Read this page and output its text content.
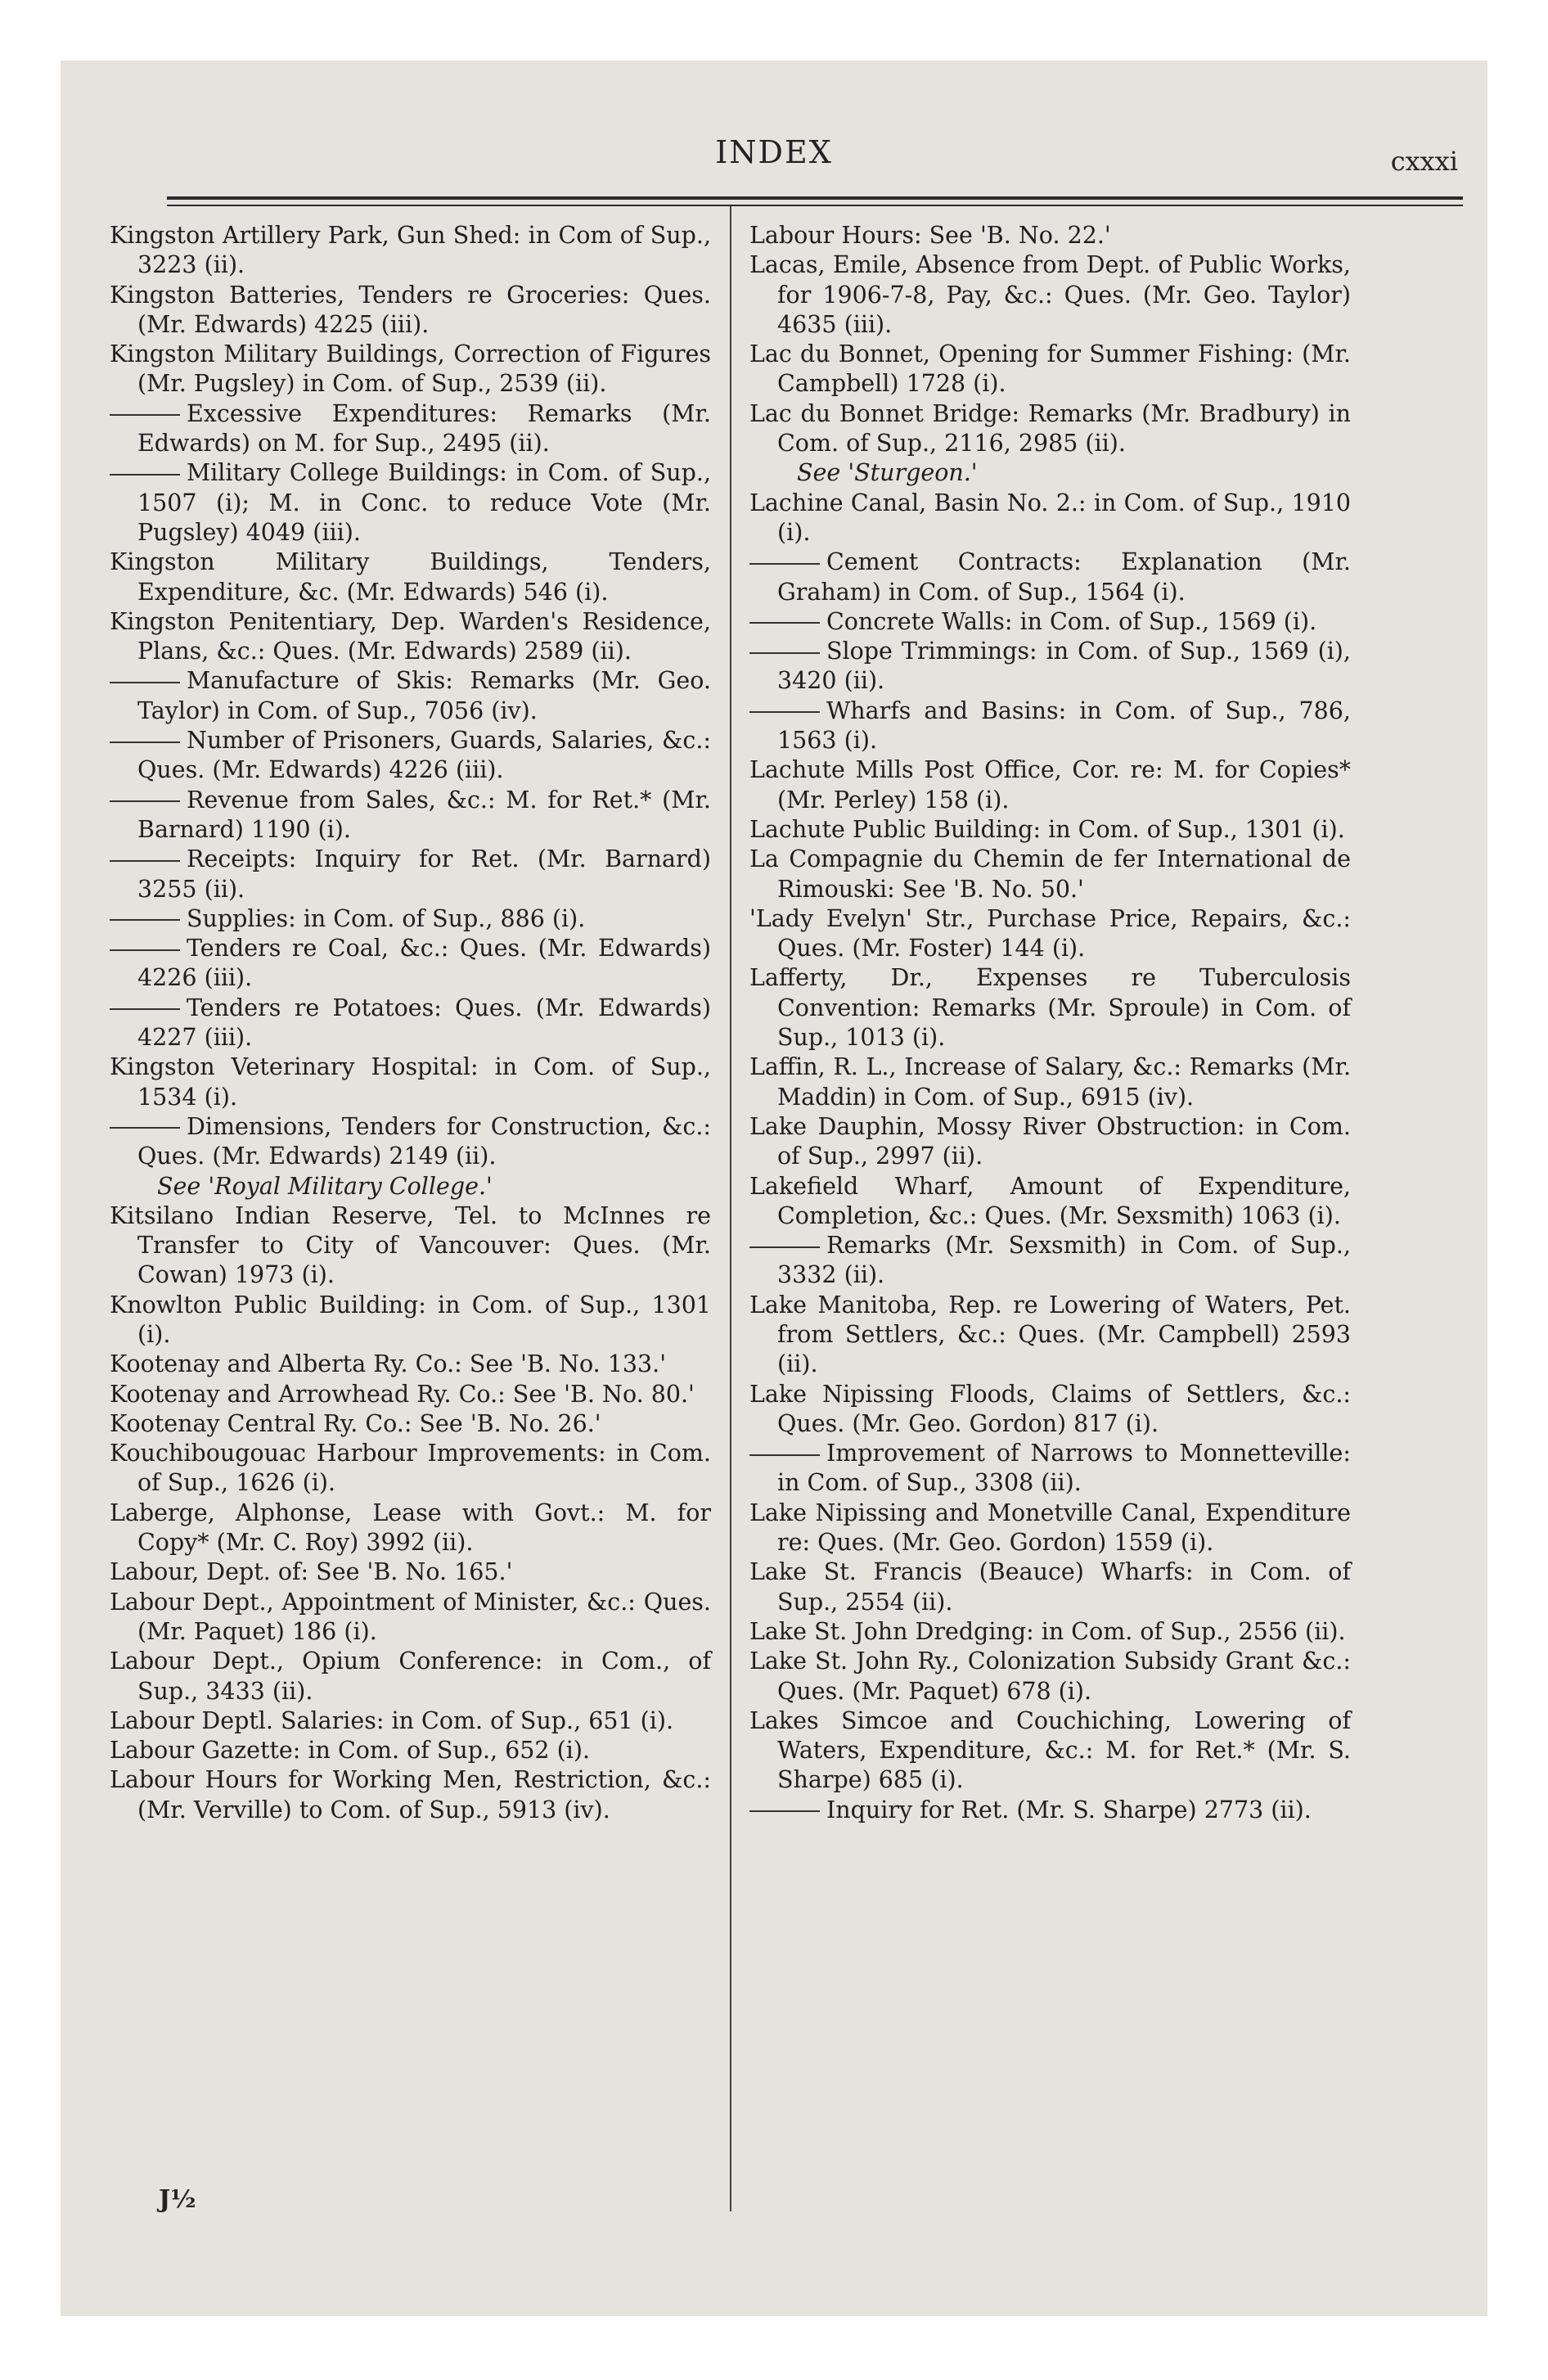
INDEX	cxxxi
Kingston Artillery Park, Gun Shed: in Com of Sup., 3223 (ii).
Kingston Batteries, Tenders re Groceries: Ques. (Mr. Edwards) 4225 (iii).
Kingston Military Buildings, Correction of Figures (Mr. Pugsley) in Com. of Sup., 2539 (ii).
Excessive Expenditures: Remarks (Mr. Edwards) on M. for Sup., 2495 (ii).
Military College Buildings: in Com. of Sup., 1507 (i); M. in Conc. to reduce Vote (Mr. Pugsley) 4049 (iii).
Kingston Military Buildings, Tenders, Expenditure, &c. (Mr. Edwards) 546 (i).
Kingston Penitentiary, Dep. Warden's Residence, Plans, &c.: Ques. (Mr. Edwards) 2589 (ii).
Manufacture of Skis: Remarks (Mr. Geo. Taylor) in Com. of Sup., 7056 (iv).
Number of Prisoners, Guards, Salaries, &c.: Ques. (Mr. Edwards) 4226 (iii).
Revenue from Sales, &c.: M. for Ret.* (Mr. Barnard) 1190 (i).
Receipts: Inquiry for Ret. (Mr. Barnard) 3255 (ii).
Supplies: in Com. of Sup., 886 (i).
Tenders re Coal, &c.: Ques. (Mr. Edwards) 4226 (iii).
Tenders re Potatoes: Ques. (Mr. Edwards) 4227 (iii).
Kingston Veterinary Hospital: in Com. of Sup., 1534 (i).
Dimensions, Tenders for Construction, &c.: Ques. (Mr. Edwards) 2149 (ii).
See 'Royal Military College.'
Kitsilano Indian Reserve, Tel. to McInnes re Transfer to City of Vancouver: Ques. (Mr. Cowan) 1973 (i).
Knowlton Public Building: in Com. of Sup., 1301 (i).
Kootenay and Alberta Ry. Co.: See 'B. No. 133.'
Kootenay and Arrowhead Ry. Co.: See 'B. No. 80.'
Kootenay Central Ry. Co.: See 'B. No. 26.'
Kouchibougouac Harbour Improvements: in Com. of Sup., 1626 (i).
Laberge, Alphonse, Lease with Govt.: M. for Copy* (Mr. C. Roy) 3992 (ii).
Labour, Dept. of: See 'B. No. 165.'
Labour Dept., Appointment of Minister, &c.: Ques. (Mr. Paquet) 186 (i).
Labour Dept., Opium Conference: in Com., of Sup., 3433 (ii).
Labour Deptl. Salaries: in Com. of Sup., 651 (i).
Labour Gazette: in Com. of Sup., 652 (i).
Labour Hours for Working Men, Restriction, &c.: (Mr. Verville) to Com. of Sup., 5913 (iv).
Labour Hours: See 'B. No. 22.'
Lacas, Emile, Absence from Dept. of Public Works, for 1906-7-8, Pay, &c.: Ques. (Mr. Geo. Taylor) 4635 (iii).
Lac du Bonnet, Opening for Summer Fishing: (Mr. Campbell) 1728 (i).
Lac du Bonnet Bridge: Remarks (Mr. Bradbury) in Com. of Sup., 2116, 2985 (ii).
See 'Sturgeon.'
Lachine Canal, Basin No. 2.: in Com. of Sup., 1910 (i).
Cement Contracts: Explanation (Mr. Graham) in Com. of Sup., 1564 (i).
Concrete Walls: in Com. of Sup., 1569 (i).
Slope Trimmings: in Com. of Sup., 1569 (i), 3420 (ii).
Wharfs and Basins: in Com. of Sup., 786, 1563 (i).
Lachute Mills Post Office, Cor. re: M. for Copies* (Mr. Perley) 158 (i).
Lachute Public Building: in Com. of Sup., 1301 (i).
La Compagnie du Chemin de fer International de Rimouski: See 'B. No. 50.'
'Lady Evelyn' Str., Purchase Price, Repairs, &c.: Ques. (Mr. Foster) 144 (i).
Lafferty, Dr., Expenses re Tuberculosis Convention: Remarks (Mr. Sproule) in Com. of Sup., 1013 (i).
Laffin, R. L., Increase of Salary, &c.: Remarks (Mr. Maddin) in Com. of Sup., 6915 (iv).
Lake Dauphin, Mossy River Obstruction: in Com. of Sup., 2997 (ii).
Lakefield Wharf, Amount of Expenditure, Completion, &c.: Ques. (Mr. Sexsmith) 1063 (i).
Remarks (Mr. Sexsmith) in Com. of Sup., 3332 (ii).
Lake Manitoba, Rep. re Lowering of Waters, Pet. from Settlers, &c.: Ques. (Mr. Campbell) 2593 (ii).
Lake Nipissing Floods, Claims of Settlers, &c.: Ques. (Mr. Geo. Gordon) 817 (i).
Improvement of Narrows to Monnetteville: in Com. of Sup., 3308 (ii).
Lake Nipissing and Monetville Canal, Expenditure re: Ques. (Mr. Geo. Gordon) 1559 (i).
Lake St. Francis (Beauce) Wharfs: in Com. of Sup., 2554 (ii).
Lake St. John Dredging: in Com. of Sup., 2556 (ii).
Lake St. John Ry., Colonization Subsidy Grant &c.: Ques. (Mr. Paquet) 678 (i).
Lakes Simcoe and Couchiching, Lowering of Waters, Expenditure, &c.: M. for Ret.* (Mr. S. Sharpe) 685 (i).
Inquiry for Ret. (Mr. S. Sharpe) 2773 (ii).
J½
